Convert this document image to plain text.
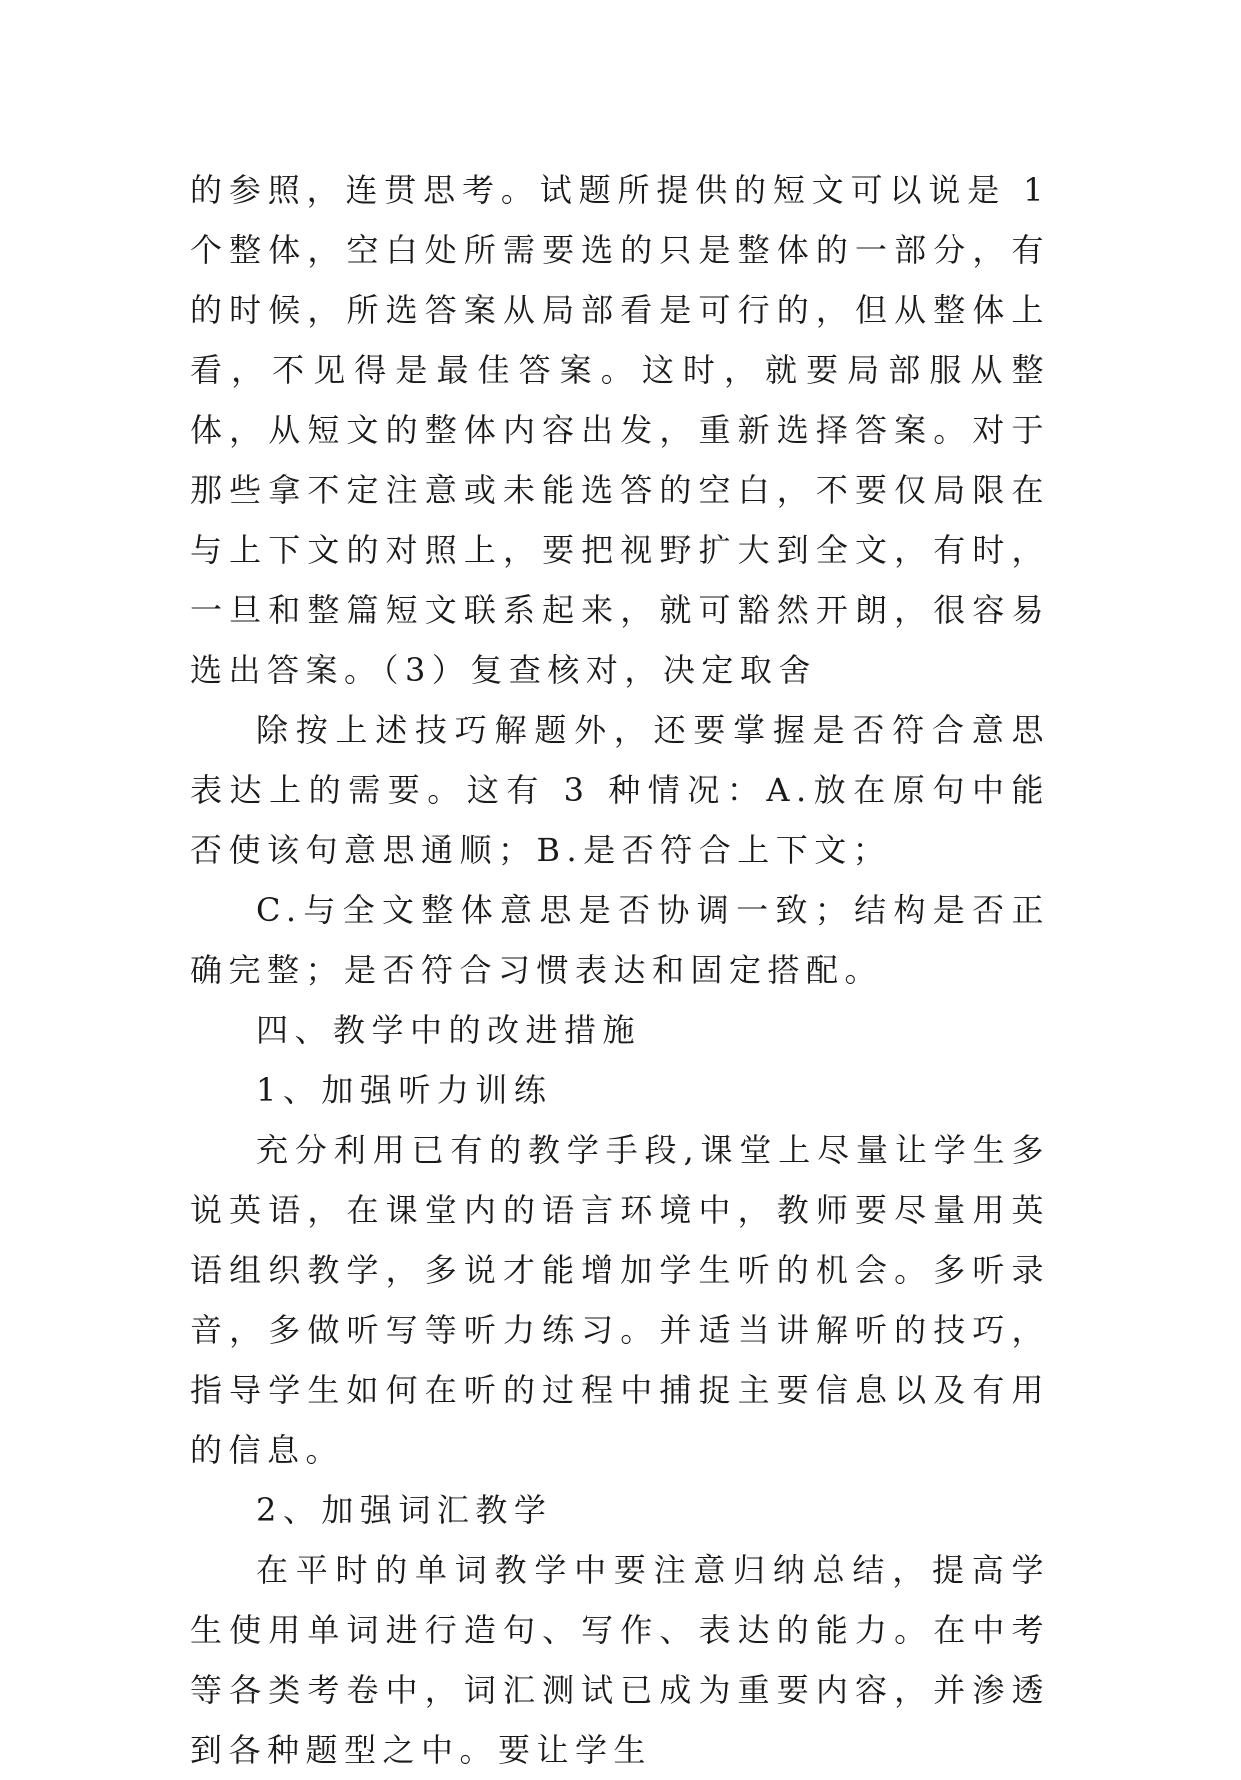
的参照，连贯思考。试题所提供的短文可以说是 1 个整体，空白处所需要选的只是整体的一部分，有的时候，所选答案从局部看是可行的，但从整体上看，不见得是最佳答案。这时，就要局部服从整体，从短文的整体内容出发，重新选择答案。对于那些拿不定注意或未能选答的空白，不要仅局限在与上下文的对照上，要把视野扩大到全文，有时，一旦和整篇短文联系起来，就可豁然开朗，很容易选出答案。（3）复查核对，决定取舍

除按上述技巧解题外，还要掌握是否符合意思表达上的需要。这有 3 种情况：A.放在原句中能否使该句意思通顺；B.是否符合上下文；

C.与全文整体意思是否协调一致；结构是否正确完整；是否符合习惯表达和固定搭配。

四、教学中的改进措施

1、加强听力训练

充分利用已有的教学手段,课堂上尽量让学生多说英语，在课堂内的语言环境中，教师要尽量用英语组织教学，多说才能增加学生听的机会。多听录音，多做听写等听力练习。并适当讲解听的技巧，指导学生如何在听的过程中捕捉主要信息以及有用的信息。

2、加强词汇教学

在平时的单词教学中要注意归纳总结，提高学生使用单词进行造句、写作、表达的能力。在中考等各类考卷中，词汇测试已成为重要内容，并渗透到各种题型之中。要让学生
